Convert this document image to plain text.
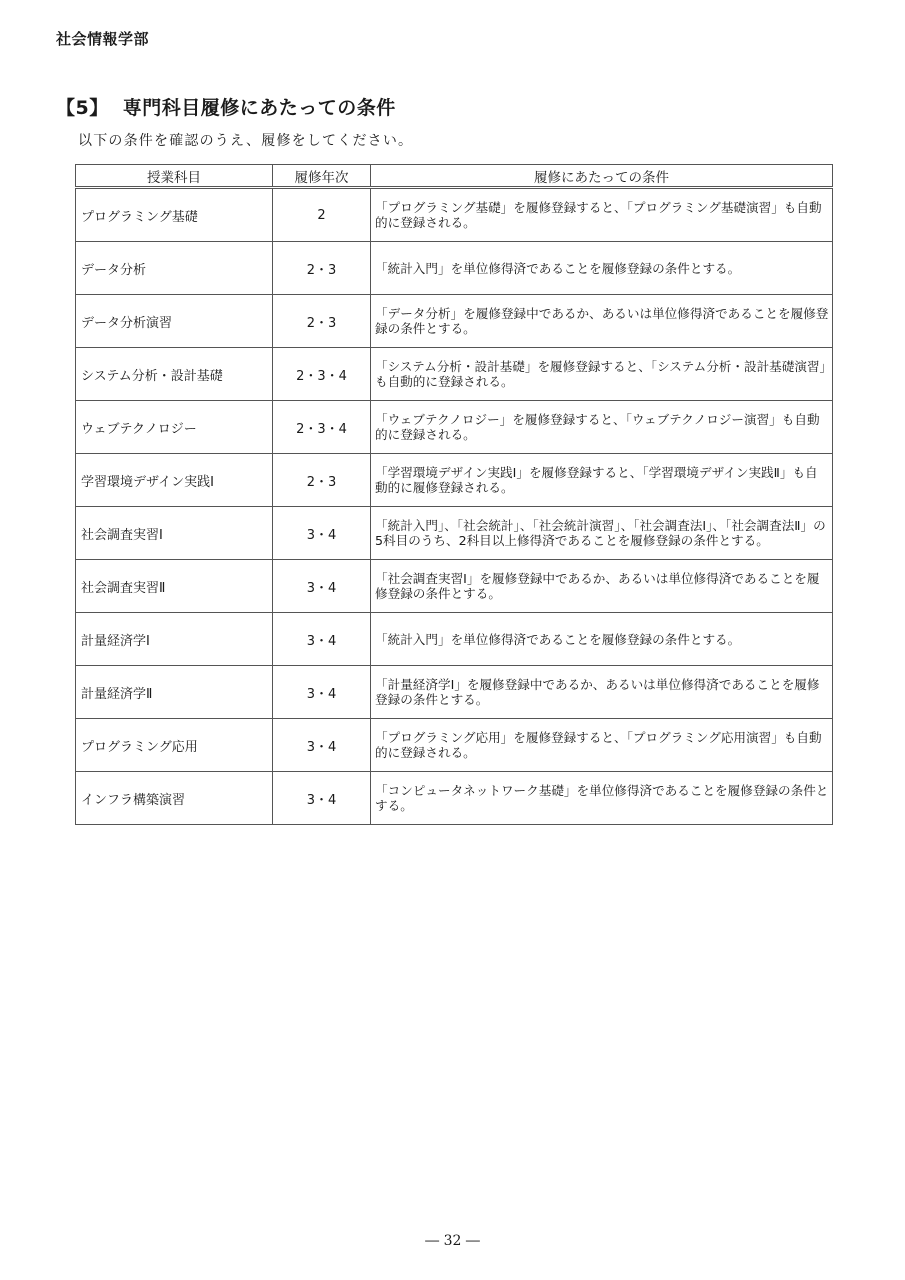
社会情報学部
【5】 専門科目履修にあたっての条件
以下の条件を確認のうえ、履修をしてください。
授業科目	履修年次	履修にあたっての条件
プログラミング基礎	2	「プログラミング基礎」を履修登録すると、「プログラミング基礎演習」も自動的に登録される。
データ分析	2・3	「統計入門」を単位修得済であることを履修登録の条件とする。
データ分析演習	2・3	「データ分析」を履修登録中であるか、あるいは単位修得済であることを履修登録の条件とする。
システム分析・設計基礎	2・3・4	「システム分析・設計基礎」を履修登録すると、「システム分析・設計基礎演習」も自動的に登録される。
ウェブテクノロジー	2・3・4	「ウェブテクノロジー」を履修登録すると、「ウェブテクノロジー演習」も自動的に登録される。
学習環境デザイン実践Ⅰ	2・3	「学習環境デザイン実践Ⅰ」を履修登録すると、「学習環境デザイン実践Ⅱ」も自動的に履修登録される。
社会調査実習Ⅰ	3・4	「統計入門」、「社会統計」、「社会統計演習」、「社会調査法Ⅰ」、「社会調査法Ⅱ」の5科目のうち、2科目以上修得済であることを履修登録の条件とする。
社会調査実習Ⅱ	3・4	「社会調査実習Ⅰ」を履修登録中であるか、あるいは単位修得済であることを履修登録の条件とする。
計量経済学Ⅰ	3・4	「統計入門」を単位修得済であることを履修登録の条件とする。
計量経済学Ⅱ	3・4	「計量経済学Ⅰ」を履修登録中であるか、あるいは単位修得済であることを履修登録の条件とする。
プログラミング応用	3・4	「プログラミング応用」を履修登録すると、「プログラミング応用演習」も自動的に登録される。
インフラ構築演習	3・4	「コンピュータネットワーク基礎」を単位修得済であることを履修登録の条件とする。
― 32 ―
